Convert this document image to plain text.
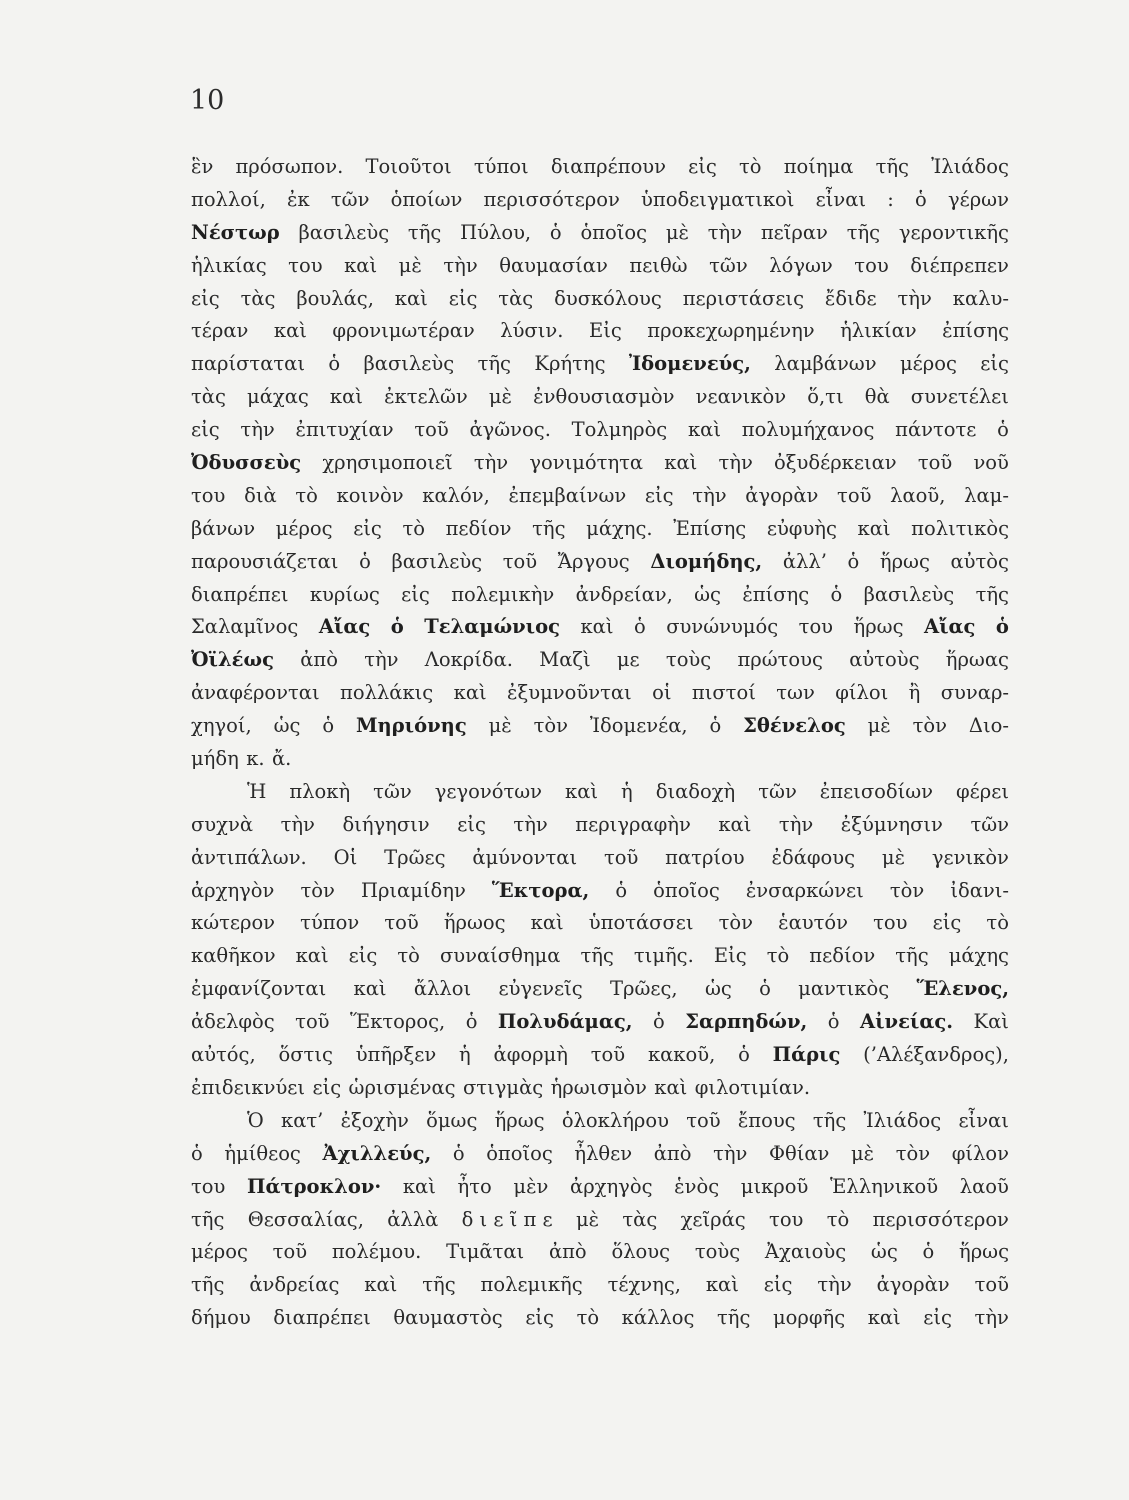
10
ἓν πρόσωπον. Τοιοῦτοι τύποι διαπρέπουν εἰς τὸ ποίημα τῆς Ἰλιάδος
πολλοί, ἐκ τῶν ὁποίων περισσότερον ὑποδειγματικοὶ εἶναι : ὁ γέρων
Νέστωρ βασιλεὺς τῆς Πύλου, ὁ ὁποῖος μὲ τὴν πεῖραν τῆς γεροντικῆς
ἡλικίας του καὶ μὲ τὴν θαυμασίαν πειθὼ τῶν λόγων του διέπρεπεν
εἰς τὰς βουλάς, καὶ εἰς τὰς δυσκόλους περιστάσεις ἔδιδε τὴν καλυ-
τέραν καὶ φρονιμωτέραν λύσιν. Εἰς προκεχωρημένην ἡλικίαν ἐπίσης
παρίσταται ὁ βασιλεὺς τῆς Κρήτης Ἰδομενεύς, λαμβάνων μέρος εἰς
τὰς μάχας καὶ ἐκτελῶν μὲ ἐνθουσιασμὸν νεανικὸν ὅ,τι θὰ συνετέλει
εἰς τὴν ἐπιτυχίαν τοῦ ἀγῶνος. Τολμηρὸς καὶ πολυμήχανος πάντοτε ὁ
Ὀδυσσεὺς χρησιμοποιεῖ τὴν γονιμότητα καὶ τὴν ὀξυδέρκειαν τοῦ νοῦ
του διὰ τὸ κοινὸν καλόν, ἐπεμβαίνων εἰς τὴν ἀγορὰν τοῦ λαοῦ, λαμ-
βάνων μέρος εἰς τὸ πεδίον τῆς μάχης. Ἐπίσης εὐφυὴς καὶ πολιτικὸς
παρουσιάζεται ὁ βασιλεὺς τοῦ Ἄργους Διομήδης, ἀλλ’ ὁ ἥρως αὐτὸς
διαπρέπει κυρίως εἰς πολεμικὴν ἀνδρείαν, ὡς ἐπίσης ὁ βασιλεὺς τῆς
Σαλαμῖνος Αἴας ὁ Τελαμώνιος καὶ ὁ συνώνυμός του ἥρως Αἴας ὁ
Ὀϊλέως ἀπὸ τὴν Λοκρίδα. Μαζὶ με τοὺς πρώτους αὐτοὺς ἥρωας
ἀναφέρονται πολλάκις καὶ ἐξυμνοῦνται οἱ πιστοί των φίλοι ἢ συναρ-
χηγοί, ὡς ὁ Μηριόνης μὲ τὸν Ἰδομενέα, ὁ Σθένελος μὲ τὸν Διο-
μήδη κ. ἄ.
Ἡ πλοκὴ τῶν γεγονότων καὶ ἡ διαδοχὴ τῶν ἐπεισοδίων φέρει
συχνὰ τὴν διήγησιν εἰς τὴν περιγραφὴν καὶ τὴν ἐξύμνησιν τῶν
ἀντιπάλων. Οἱ Τρῶες ἀμύνονται τοῦ πατρίου ἐδάφους μὲ γενικὸν
ἀρχηγὸν τὸν Πριαμίδην Ἕκτορα, ὁ ὁποῖος ἐνσαρκώνει τὸν ἰδανι-
κώτερον τύπον τοῦ ἥρωος καὶ ὑποτάσσει τὸν ἑαυτόν του εἰς τὸ
καθῆκον καὶ εἰς τὸ συναίσθημα τῆς τιμῆς. Εἰς τὸ πεδίον τῆς μάχης
ἐμφανίζονται καὶ ἄλλοι εὐγενεῖς Τρῶες, ὡς ὁ μαντικὸς Ἕλενος,
ἀδελφὸς τοῦ Ἕκτορος, ὁ Πολυδάμας, ὁ Σαρπηδών, ὁ Αἰνείας. Καὶ
αὐτός, ὅστις ὑπῆρξεν ἡ ἀφορμὴ τοῦ κακοῦ, ὁ Πάρις (’Αλέξανδρος),
ἐπιδεικνύει εἰς ὡρισμένας στιγμὰς ἡρωισμὸν καὶ φιλοτιμίαν.
Ὁ κατ’ ἐξοχὴν ὅμως ἥρως ὁλοκλήρου τοῦ ἔπους τῆς Ἰλιάδος εἶναι
ὁ ἡμίθεος Ἀχιλλεύς, ὁ ὁποῖος ἦλθεν ἀπὸ τὴν Φθίαν μὲ τὸν φίλον
του Πάτροκλον· καὶ ἦτο μὲν ἀρχηγὸς ἑνὸς μικροῦ Ἑλληνικοῦ λαοῦ
τῆς Θεσσαλίας, ἀλλὰ δ ι ε ῖ π ε μὲ τὰς χεῖράς του τὸ περισσότερον
μέρος τοῦ πολέμου. Τιμᾶται ἀπὸ ὅλους τοὺς Ἀχαιοὺς ὡς ὁ ἥρως
τῆς ἀνδρείας καὶ τῆς πολεμικῆς τέχνης, καὶ εἰς τὴν ἀγορὰν τοῦ
δήμου διαπρέπει θαυμαστὸς εἰς τὸ κάλλος τῆς μορφῆς καὶ εἰς τὴν
